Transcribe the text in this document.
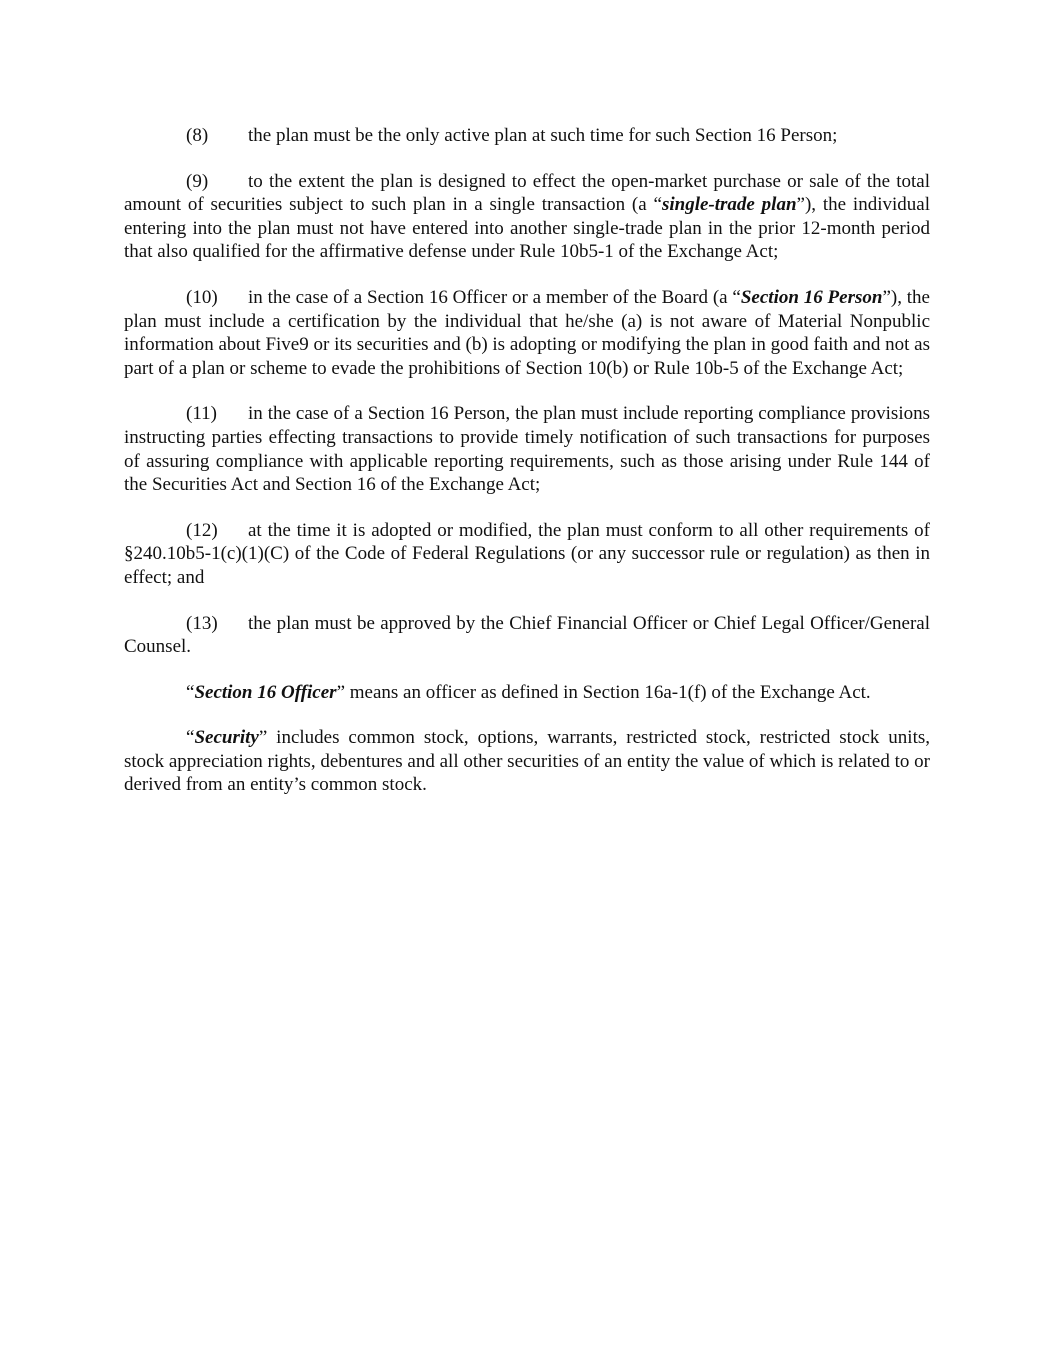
(8) the plan must be the only active plan at such time for such Section 16 Person;

(9) to the extent the plan is designed to effect the open-market purchase or sale of the total amount of securities subject to such plan in a single transaction (a “single-trade plan”), the individual entering into the plan must not have entered into another single-trade plan in the prior 12-month period that also qualified for the affirmative defense under Rule 10b5-1 of the Exchange Act;

(10) in the case of a Section 16 Officer or a member of the Board (a “Section 16 Person”), the plan must include a certification by the individual that he/she (a) is not aware of Material Nonpublic information about Five9 or its securities and (b) is adopting or modifying the plan in good faith and not as part of a plan or scheme to evade the prohibitions of Section 10(b) or Rule 10b-5 of the Exchange Act;

(11) in the case of a Section 16 Person, the plan must include reporting compliance provisions instructing parties effecting transactions to provide timely notification of such transactions for purposes of assuring compliance with applicable reporting requirements, such as those arising under Rule 144 of the Securities Act and Section 16 of the Exchange Act;

(12) at the time it is adopted or modified, the plan must conform to all other requirements of §240.10b5-1(c)(1)(C) of the Code of Federal Regulations (or any successor rule or regulation) as then in effect; and

(13) the plan must be approved by the Chief Financial Officer or Chief Legal Officer/General Counsel.

“Section 16 Officer” means an officer as defined in Section 16a-1(f) of the Exchange Act.

“Security” includes common stock, options, warrants, restricted stock, restricted stock units, stock appreciation rights, debentures and all other securities of an entity the value of which is related to or derived from an entity’s common stock.
